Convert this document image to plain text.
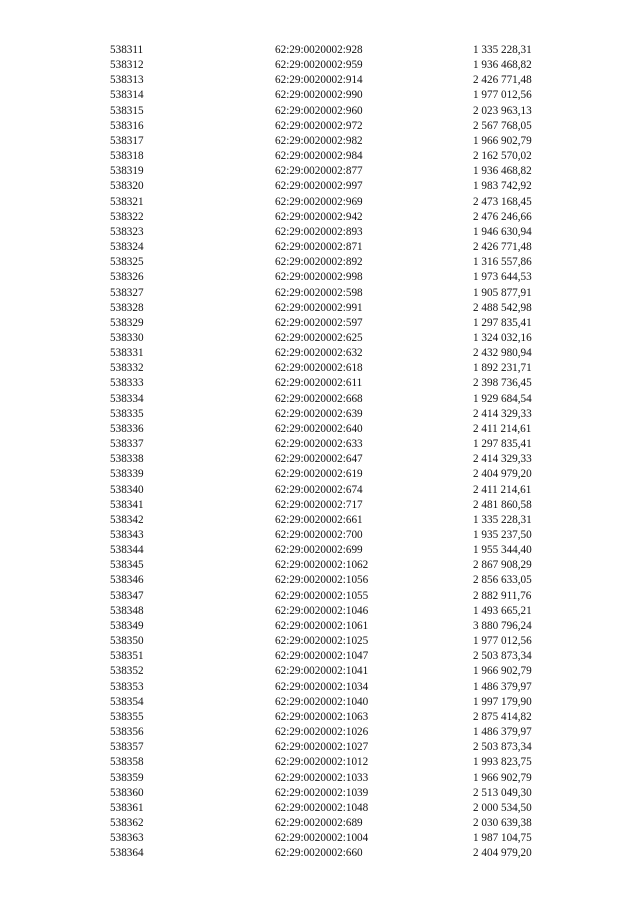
538311	62:29:0020002:928	1 335 228,31
538312	62:29:0020002:959	1 936 468,82
538313	62:29:0020002:914	2 426 771,48
538314	62:29:0020002:990	1 977 012,56
538315	62:29:0020002:960	2 023 963,13
538316	62:29:0020002:972	2 567 768,05
538317	62:29:0020002:982	1 966 902,79
538318	62:29:0020002:984	2 162 570,02
538319	62:29:0020002:877	1 936 468,82
538320	62:29:0020002:997	1 983 742,92
538321	62:29:0020002:969	2 473 168,45
538322	62:29:0020002:942	2 476 246,66
538323	62:29:0020002:893	1 946 630,94
538324	62:29:0020002:871	2 426 771,48
538325	62:29:0020002:892	1 316 557,86
538326	62:29:0020002:998	1 973 644,53
538327	62:29:0020002:598	1 905 877,91
538328	62:29:0020002:991	2 488 542,98
538329	62:29:0020002:597	1 297 835,41
538330	62:29:0020002:625	1 324 032,16
538331	62:29:0020002:632	2 432 980,94
538332	62:29:0020002:618	1 892 231,71
538333	62:29:0020002:611	2 398 736,45
538334	62:29:0020002:668	1 929 684,54
538335	62:29:0020002:639	2 414 329,33
538336	62:29:0020002:640	2 411 214,61
538337	62:29:0020002:633	1 297 835,41
538338	62:29:0020002:647	2 414 329,33
538339	62:29:0020002:619	2 404 979,20
538340	62:29:0020002:674	2 411 214,61
538341	62:29:0020002:717	2 481 860,58
538342	62:29:0020002:661	1 335 228,31
538343	62:29:0020002:700	1 935 237,50
538344	62:29:0020002:699	1 955 344,40
538345	62:29:0020002:1062	2 867 908,29
538346	62:29:0020002:1056	2 856 633,05
538347	62:29:0020002:1055	2 882 911,76
538348	62:29:0020002:1046	1 493 665,21
538349	62:29:0020002:1061	3 880 796,24
538350	62:29:0020002:1025	1 977 012,56
538351	62:29:0020002:1047	2 503 873,34
538352	62:29:0020002:1041	1 966 902,79
538353	62:29:0020002:1034	1 486 379,97
538354	62:29:0020002:1040	1 997 179,90
538355	62:29:0020002:1063	2 875 414,82
538356	62:29:0020002:1026	1 486 379,97
538357	62:29:0020002:1027	2 503 873,34
538358	62:29:0020002:1012	1 993 823,75
538359	62:29:0020002:1033	1 966 902,79
538360	62:29:0020002:1039	2 513 049,30
538361	62:29:0020002:1048	2 000 534,50
538362	62:29:0020002:689	2 030 639,38
538363	62:29:0020002:1004	1 987 104,75
538364	62:29:0020002:660	2 404 979,20
